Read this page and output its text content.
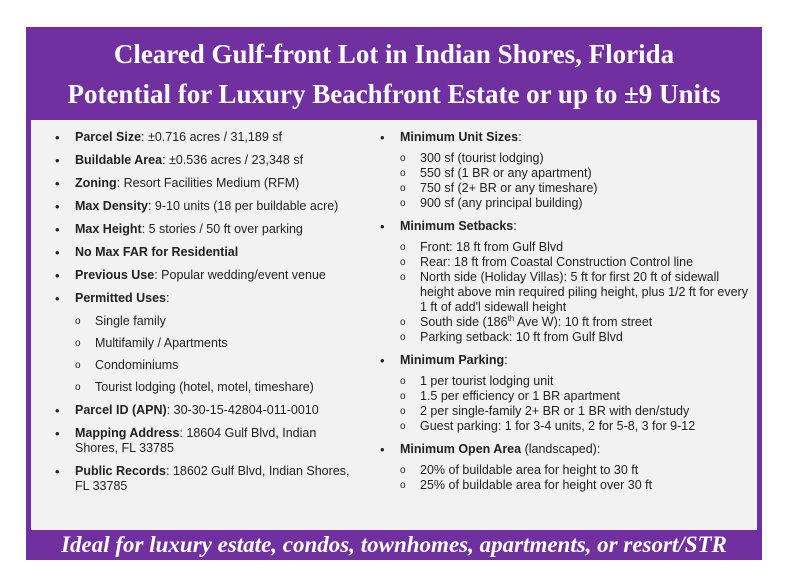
Cleared Gulf-front Lot in Indian Shores, Florida
Potential for Luxury Beachfront Estate or up to ±9 Units
• Parcel Size: ±0.716 acres / 31,189 sf
• Buildable Area: ±0.536 acres / 23,348 sf
• Zoning: Resort Facilities Medium (RFM)
• Max Density: 9-10 units (18 per buildable acre)
• Max Height: 5 stories / 50 ft over parking
• No Max FAR for Residential
• Previous Use: Popular wedding/event venue
• Permitted Uses:
o Single family
o Multifamily / Apartments
o Condominiums
o Tourist lodging (hotel, motel, timeshare)
• Parcel ID (APN): 30-30-15-42804-011-0010
• Mapping Address: 18604 Gulf Blvd, Indian Shores, FL 33785
• Public Records: 18602 Gulf Blvd, Indian Shores, FL 33785
• Minimum Unit Sizes:
o 300 sf (tourist lodging)
o 550 sf (1 BR or any apartment)
o 750 sf (2+ BR or any timeshare)
o 900 sf (any principal building)
• Minimum Setbacks:
o Front: 18 ft from Gulf Blvd
o Rear: 18 ft from Coastal Construction Control line
o North side (Holiday Villas): 5 ft for first 20 ft of sidewall height above min required piling height, plus 1/2 ft for every 1 ft of add'l sidewall height
o South side (186th Ave W): 10 ft from street
o Parking setback: 10 ft from Gulf Blvd
• Minimum Parking:
o 1 per tourist lodging unit
o 1.5 per efficiency or 1 BR apartment
o 2 per single-family 2+ BR or 1 BR with den/study
o Guest parking: 1 for 3-4 units, 2 for 5-8, 3 for 9-12
• Minimum Open Area (landscaped):
o 20% of buildable area for height to 30 ft
o 25% of buildable area for height over 30 ft
Ideal for luxury estate, condos, townhomes, apartments, or resort/STR
